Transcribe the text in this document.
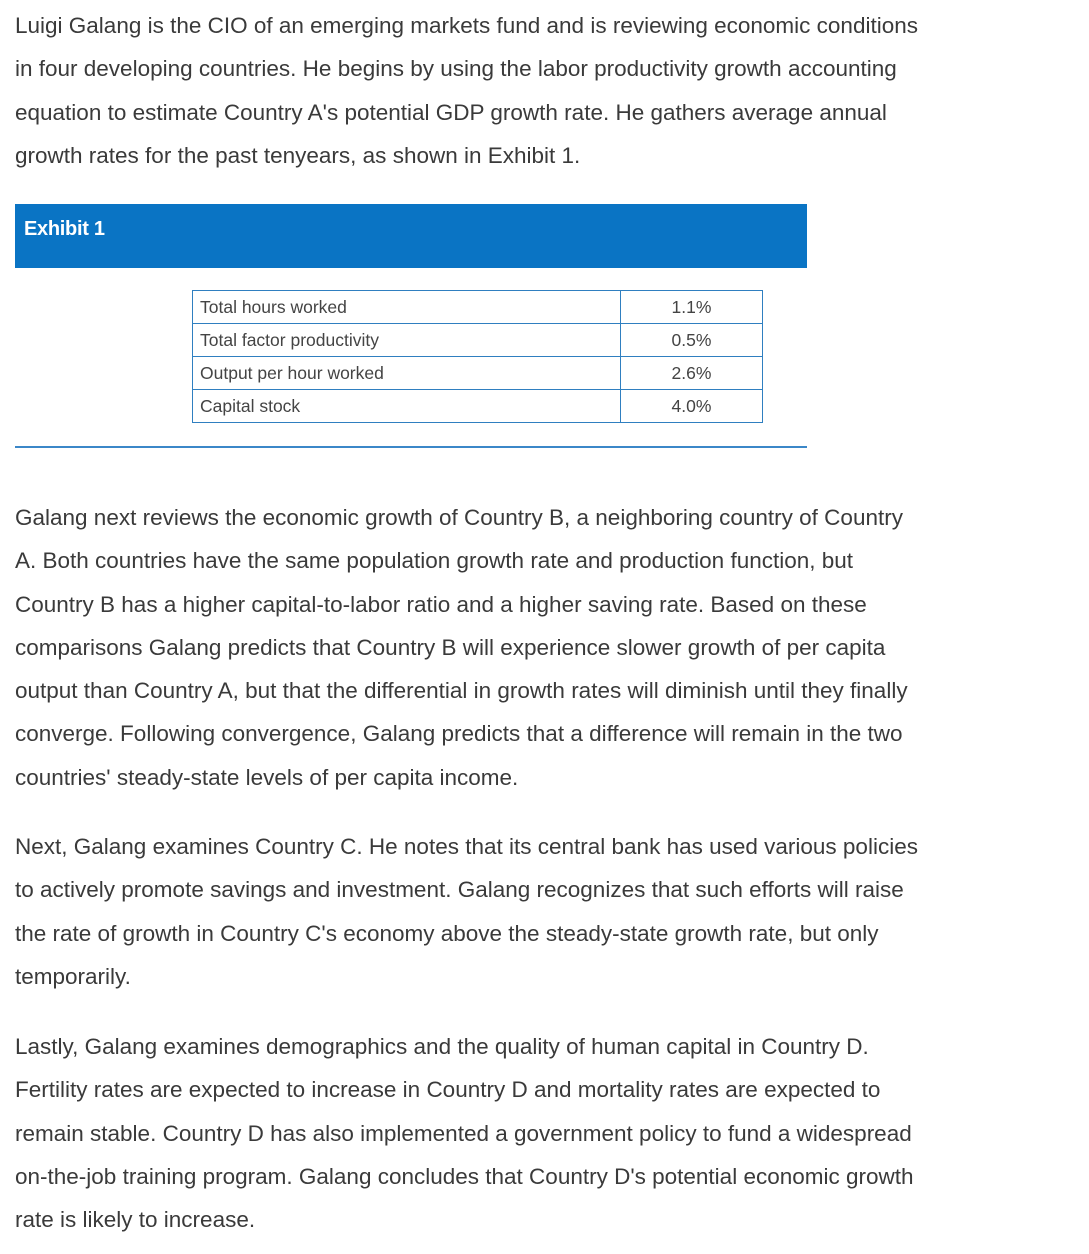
Luigi Galang is the CIO of an emerging markets fund and is reviewing economic conditions
in four developing countries. He begins by using the labor productivity growth accounting
equation to estimate Country A's potential GDP growth rate. He gathers average annual
growth rates for the past tenyears, as shown in Exhibit 1.

Exhibit 1
Total hours worked	1.1%
Total factor productivity	0.5%
Output per hour worked	2.6%
Capital stock	4.0%

Galang next reviews the economic growth of Country B, a neighboring country of Country
A. Both countries have the same population growth rate and production function, but
Country B has a higher capital-to-labor ratio and a higher saving rate. Based on these
comparisons Galang predicts that Country B will experience slower growth of per capita
output than Country A, but that the differential in growth rates will diminish until they finally
converge. Following convergence, Galang predicts that a difference will remain in the two
countries' steady-state levels of per capita income.

Next, Galang examines Country C. He notes that its central bank has used various policies
to actively promote savings and investment. Galang recognizes that such efforts will raise
the rate of growth in Country C's economy above the steady-state growth rate, but only
temporarily.

Lastly, Galang examines demographics and the quality of human capital in Country D.
Fertility rates are expected to increase in Country D and mortality rates are expected to
remain stable. Country D has also implemented a government policy to fund a widespread
on-the-job training program. Galang concludes that Country D's potential economic growth
rate is likely to increase.
